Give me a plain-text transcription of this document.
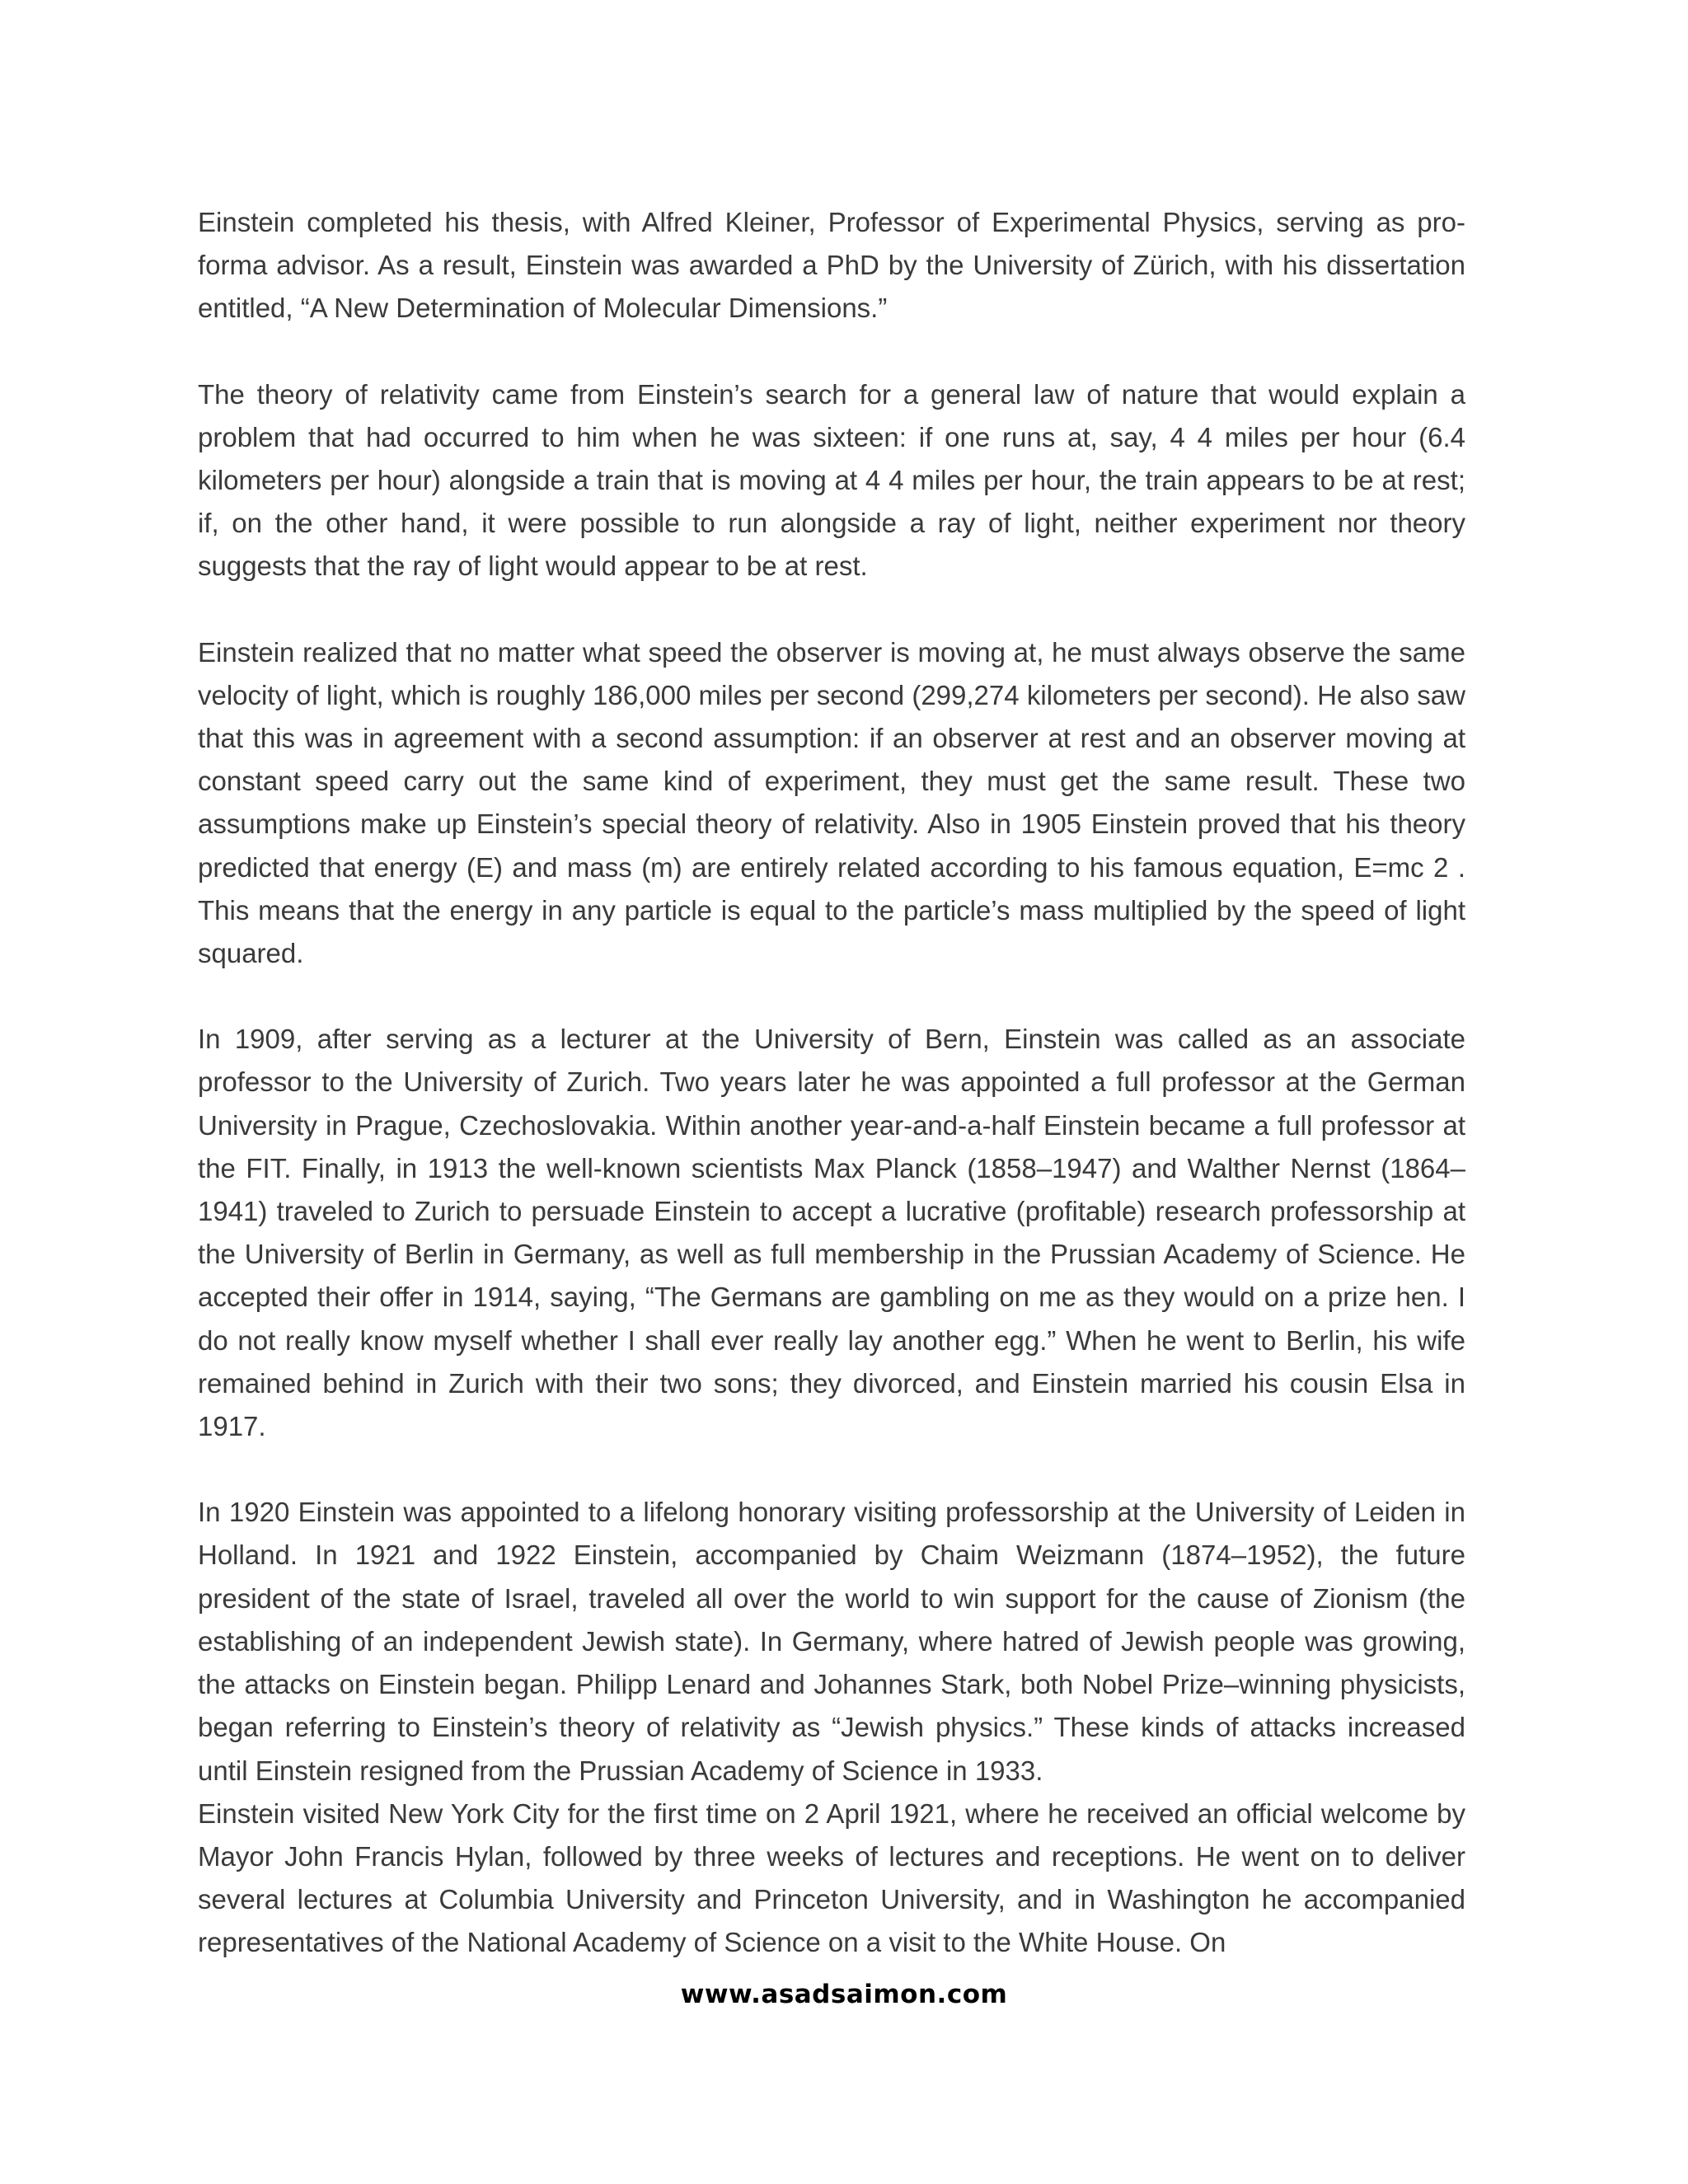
Einstein completed his thesis, with Alfred Kleiner, Professor of Experimental Physics, serving as pro-forma advisor. As a result, Einstein was awarded a PhD by the University of Zürich, with his dissertation entitled, “A New Determination of Molecular Dimensions.”

The theory of relativity came from Einstein’s search for a general law of nature that would explain a problem that had occurred to him when he was sixteen: if one runs at, say, 4 4 miles per hour (6.4 kilometers per hour) alongside a train that is moving at 4 4 miles per hour, the train appears to be at rest; if, on the other hand, it were possible to run alongside a ray of light, neither experiment nor theory suggests that the ray of light would appear to be at rest.

Einstein realized that no matter what speed the observer is moving at, he must always observe the same velocity of light, which is roughly 186,000 miles per second (299,274 kilometers per second). He also saw that this was in agreement with a second assumption: if an observer at rest and an observer moving at constant speed carry out the same kind of experiment, they must get the same result. These two assumptions make up Einstein’s special theory of relativity. Also in 1905 Einstein proved that his theory predicted that energy (E) and mass (m) are entirely related according to his famous equation, E=mc 2 . This means that the energy in any particle is equal to the particle’s mass multiplied by the speed of light squared.

In 1909, after serving as a lecturer at the University of Bern, Einstein was called as an associate professor to the University of Zurich. Two years later he was appointed a full professor at the German University in Prague, Czechoslovakia. Within another year-and-a-half Einstein became a full professor at the FIT. Finally, in 1913 the well-known scientists Max Planck (1858–1947) and Walther Nernst (1864–1941) traveled to Zurich to persuade Einstein to accept a lucrative (profitable) research professorship at the University of Berlin in Germany, as well as full membership in the Prussian Academy of Science. He accepted their offer in 1914, saying, “The Germans are gambling on me as they would on a prize hen. I do not really know myself whether I shall ever really lay another egg.” When he went to Berlin, his wife remained behind in Zurich with their two sons; they divorced, and Einstein married his cousin Elsa in 1917.

In 1920 Einstein was appointed to a lifelong honorary visiting professorship at the University of Leiden in Holland. In 1921 and 1922 Einstein, accompanied by Chaim Weizmann (1874–1952), the future president of the state of Israel, traveled all over the world to win support for the cause of Zionism (the establishing of an independent Jewish state). In Germany, where hatred of Jewish people was growing, the attacks on Einstein began. Philipp Lenard and Johannes Stark, both Nobel Prize–winning physicists, began referring to Einstein’s theory of relativity as “Jewish physics.” These kinds of attacks increased until Einstein resigned from the Prussian Academy of Science in 1933.

Einstein visited New York City for the first time on 2 April 1921, where he received an official welcome by Mayor John Francis Hylan, followed by three weeks of lectures and receptions. He went on to deliver several lectures at Columbia University and Princeton University, and in Washington he accompanied representatives of the National Academy of Science on a visit to the White House. On

www.asadsaimon.com
